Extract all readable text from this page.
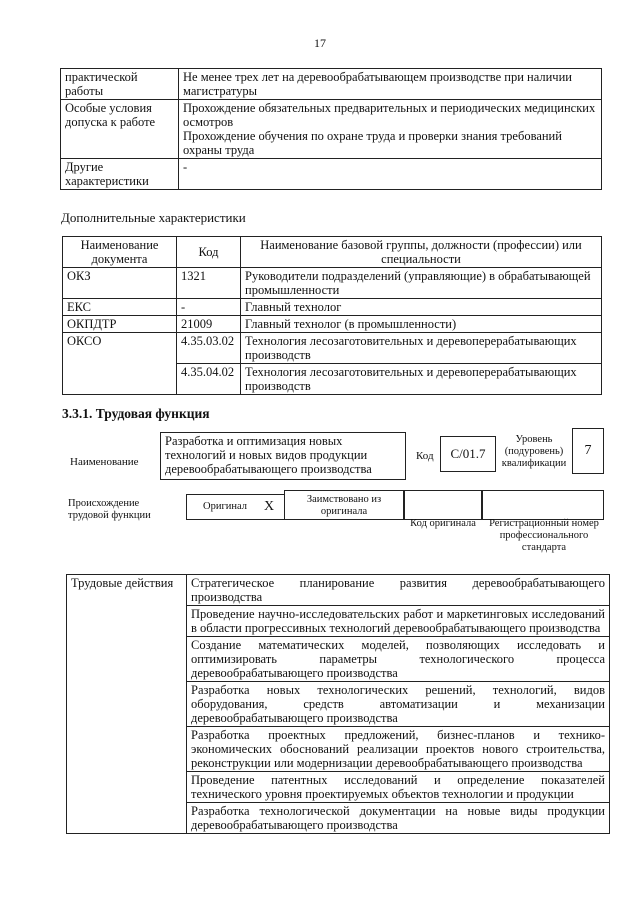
17
практической работы	Не менее трех лет на деревообрабатывающем производстве при наличии магистратуры
Особые условия допуска к работе	Прохождение обязательных предварительных и периодических медицинских осмотров
Прохождение обучения по охране труда и проверки знания требований охраны труда
Другие характеристики	-
Дополнительные характеристики
Наименование документа	Код	Наименование базовой группы, должности (профессии) или специальности
ОКЗ	1321	Руководители подразделений (управляющие) в обрабатывающей промышленности
ЕКС	-	Главный технолог
ОКПДТР	21009	Главный технолог (в промышленности)
ОКСО	4.35.03.02	Технология лесозаготовительных и деревоперерабатывающих производств
	4.35.04.02	Технология лесозаготовительных и деревоперерабатывающих производств
3.3.1. Трудовая функция
Наименование
Разработка и оптимизация новых технологий и новых видов продукции деревообрабатывающего производства
Код	C/01.7
Уровень (подуровень) квалификации
7
Происхождение трудовой функции
Оригинал	X	Заимствовано из оригинала
Код оригинала	Регистрационный номер профессионального стандарта
Трудовые действия	Стратегическое планирование развития деревообрабатывающего производства
Проведение научно-исследовательских работ и маркетинговых исследований в области прогрессивных технологий деревообрабатывающего производства
Создание математических моделей, позволяющих исследовать и оптимизировать параметры технологического процесса деревообрабатывающего производства
Разработка новых технологических решений, технологий, видов оборудования, средств автоматизации и механизации деревообрабатывающего производства
Разработка проектных предложений, бизнес-планов и технико-экономических обоснований реализации проектов нового строительства, реконструкции или модернизации деревообрабатывающего производства
Проведение патентных исследований и определение показателей технического уровня проектируемых объектов технологии и продукции
Разработка технологической документации на новые виды продукции деревообрабатывающего производства
